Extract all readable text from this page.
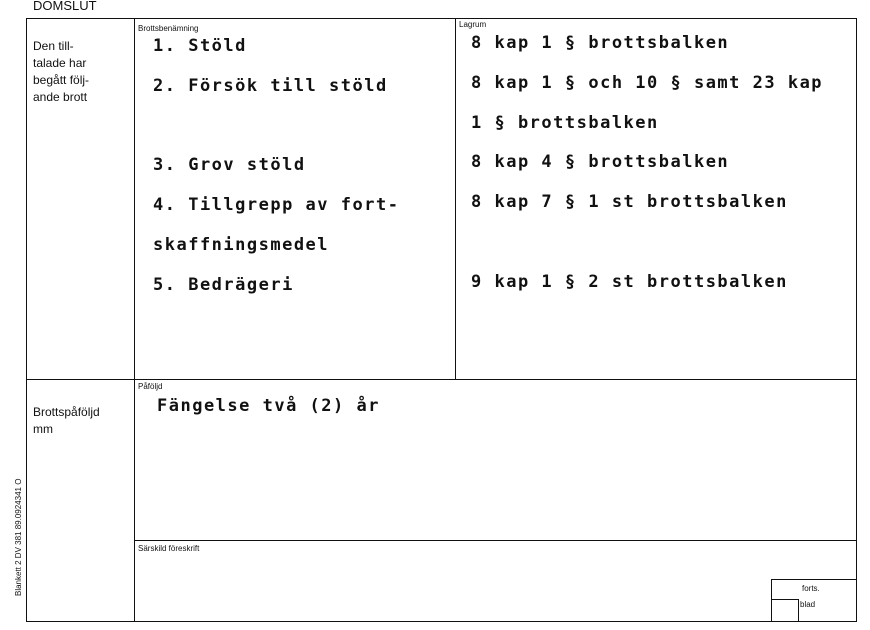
DOMSLUT
Blankett 2 DV 381 89.0924341 O
Den till-
talade har
begått följ-
ande brott
Brottsbenämning	Lagrum
1. Stöld
2. Försök till stöld
3. Grov stöld
4. Tillgrepp av fort-
skaffningsmedel
5. Bedrägeri
8 kap 1 § brottsbalken
8 kap 1 § och 10 § samt 23 kap
1 § brottsbalken
8 kap 4 § brottsbalken
8 kap 7 § 1 st brottsbalken
9 kap 1 § 2 st brottsbalken
Brottspåföljd
mm
Påföljd
Fängelse två (2) år
Särskild föreskrift
forts.
blad
